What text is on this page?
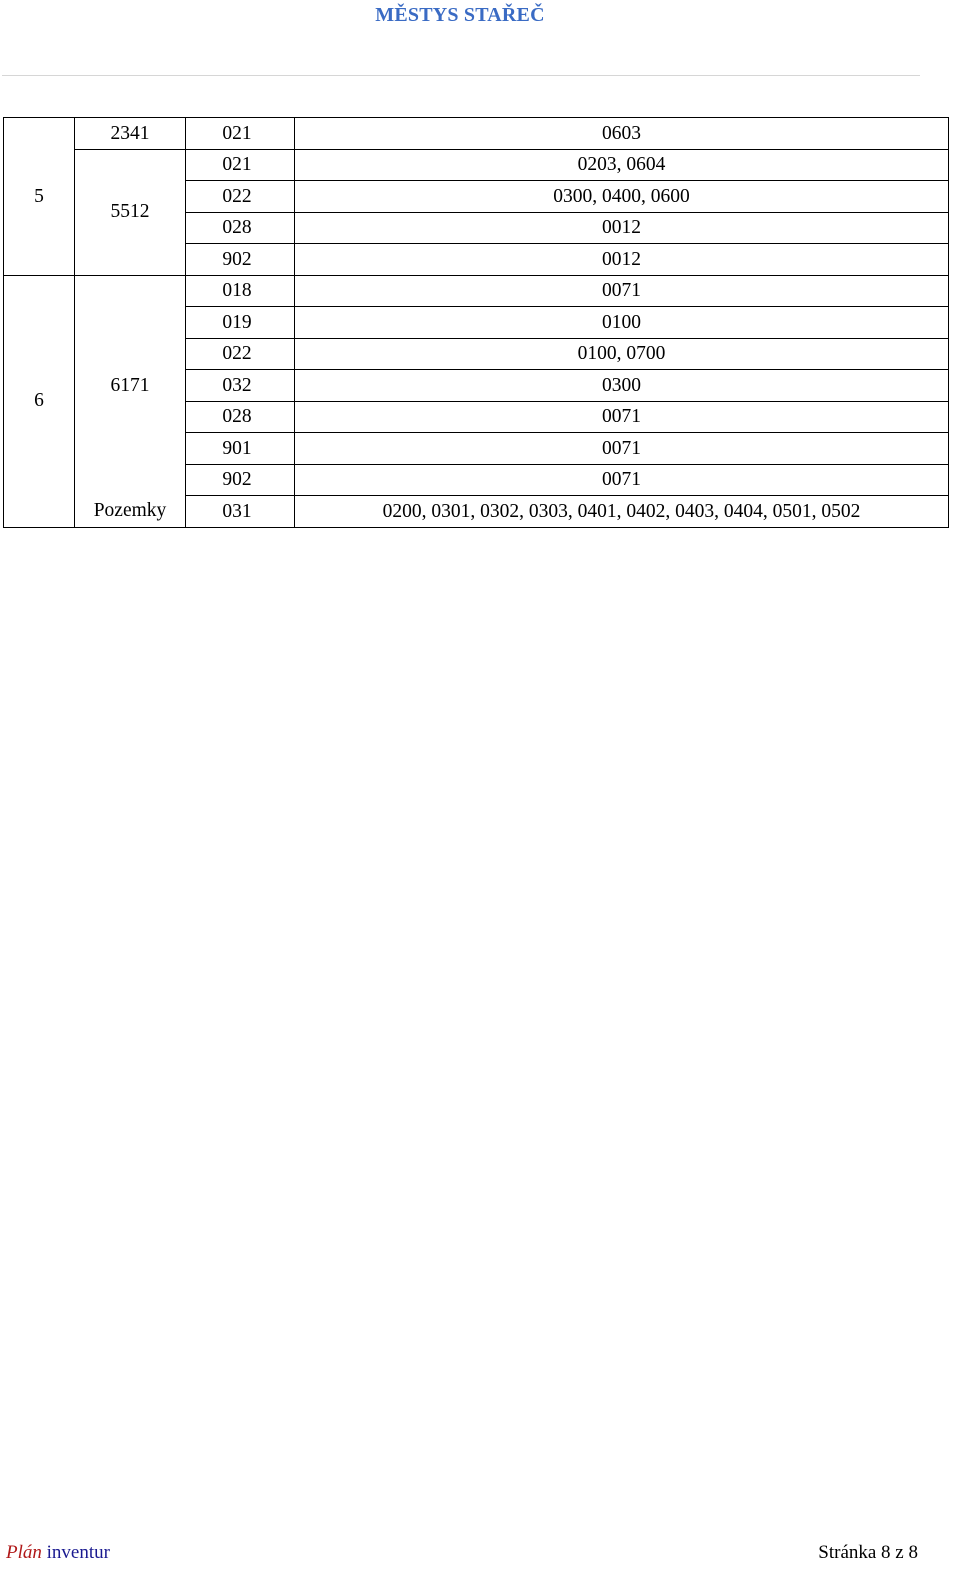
MĚSTYS STAŘEČ
5	2341	021	0603
	5512	021	0203, 0604
		022	0300, 0400, 0600
		028	0012
		902	0012
6	6171	018	0071
		019	0100
		022	0100, 0700
		032	0300
		028	0071
		901	0071
		902	0071
	Pozemky	031	0200, 0301, 0302, 0303, 0401, 0402, 0403, 0404, 0501, 0502
Plán inventur	Stránka 8 z 8
